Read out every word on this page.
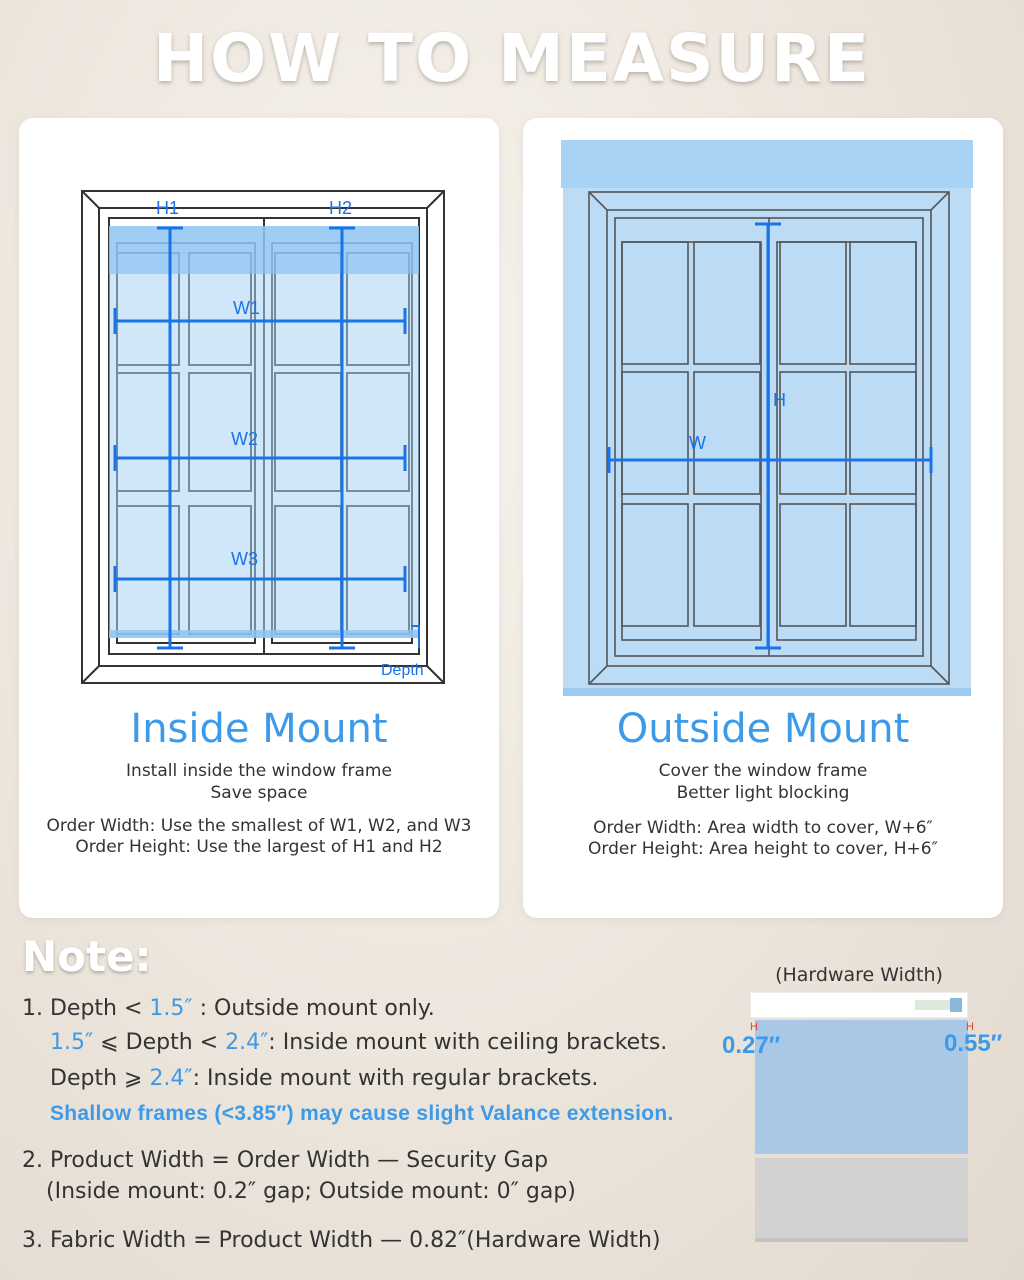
HOW TO MEASURE
H1	H2
W1
W2
W3
Depth
Inside Mount
Install inside the window frame
Save space
Order Width: Use the smallest of W1, W2, and W3
Order Height: Use the largest of H1 and H2
H
W
Outside Mount
Cover the window frame
Better light blocking
Order Width: Area width to cover, W+6″
Order Height: Area height to cover, H+6″
Note:
1. Depth < 1.5″ : Outside mount only.
1.5″ ⩽ Depth < 2.4″: Inside mount with ceiling brackets.
Depth ⩾ 2.4″: Inside mount with regular brackets.
Shallow frames (<3.85″) may cause slight Valance extension.
2. Product Width = Order Width — Security Gap
(Inside mount: 0.2″ gap; Outside mount: 0″ gap)
3. Fabric Width = Product Width — 0.82″(Hardware Width)
(Hardware Width)
H	H
0.27″	0.55″
